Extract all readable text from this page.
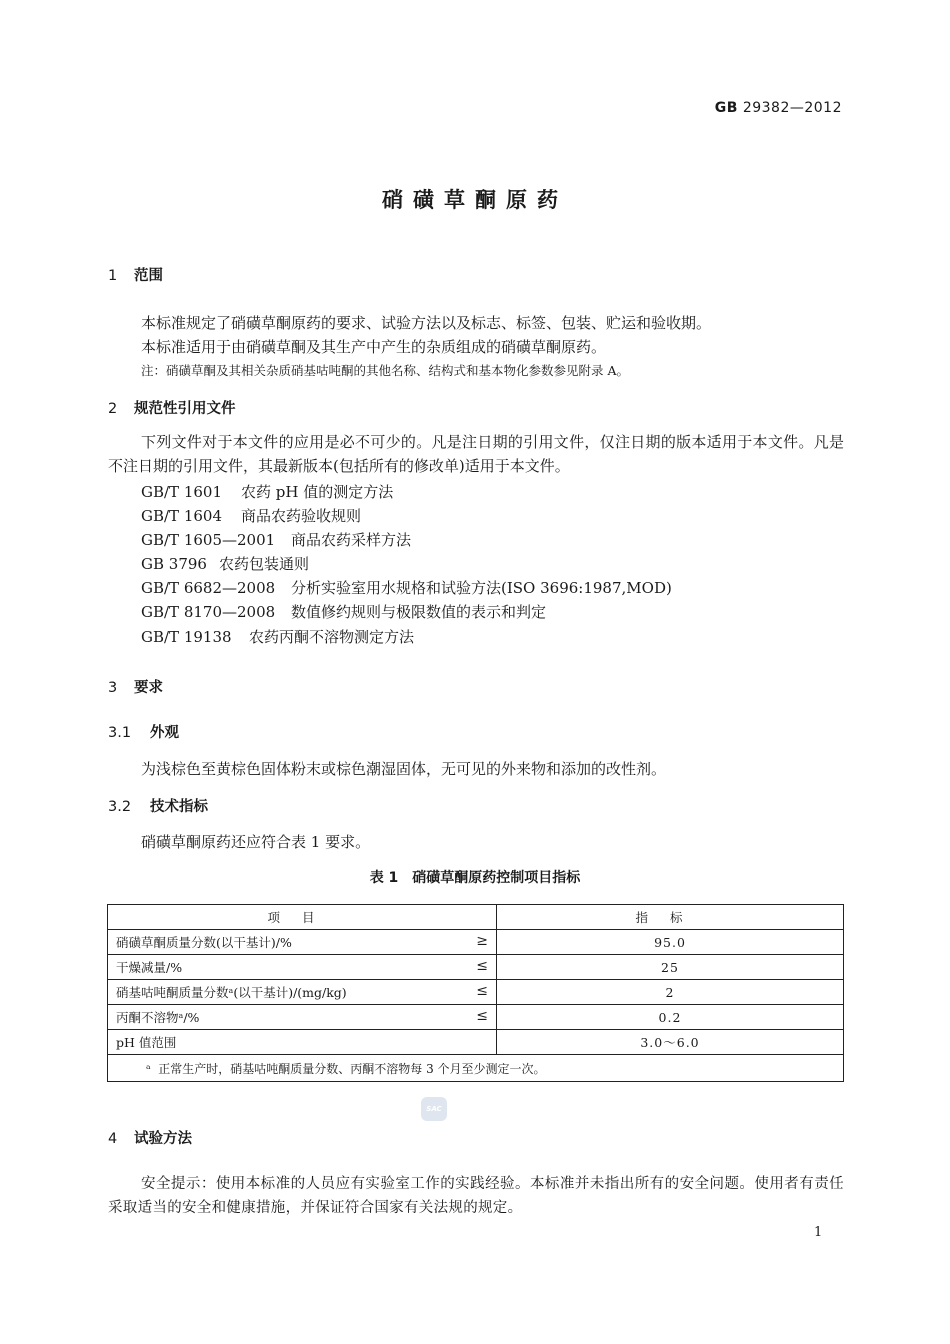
GB 29382—2012
硝磺草酮原药
1 范围
本标准规定了硝磺草酮原药的要求、试验方法以及标志、标签、包装、贮运和验收期。
本标准适用于由硝磺草酮及其生产中产生的杂质组成的硝磺草酮原药。
注：硝磺草酮及其相关杂质硝基咕吨酮的其他名称、结构式和基本物化参数参见附录 A。
2 规范性引用文件
下列文件对于本文件的应用是必不可少的。凡是注日期的引用文件，仅注日期的版本适用于本文件。凡是不注日期的引用文件，其最新版本(包括所有的修改单)适用于本文件。
GB/T 1601 农药 pH 值的测定方法
GB/T 1604 商品农药验收规则
GB/T 1605—2001 商品农药采样方法
GB 3796 农药包装通则
GB/T 6682—2008 分析实验室用水规格和试验方法(ISO 3696:1987,MOD)
GB/T 8170—2008 数值修约规则与极限数值的表示和判定
GB/T 19138 农药丙酮不溶物测定方法
3 要求
3.1 外观
为浅棕色至黄棕色固体粉末或棕色潮湿固体，无可见的外来物和添加的改性剂。
3.2 技术指标
硝磺草酮原药还应符合表 1 要求。
表 1　硝磺草酮原药控制项目指标
项目	指标
硝磺草酮质量分数(以干基计)/% ≥	95.0
干燥减量/% ≤	25
硝基咕吨酮质量分数ᵃ(以干基计)/(mg/kg) ≤	2
丙酮不溶物ᵃ/% ≤	0.2
pH 值范围	3.0～6.0
ᵃ 正常生产时，硝基咕吨酮质量分数、丙酮不溶物每 3 个月至少测定一次。	
SAC
4 试验方法
安全提示：使用本标准的人员应有实验室工作的实践经验。本标准并未指出所有的安全问题。使用者有责任采取适当的安全和健康措施，并保证符合国家有关法规的规定。
1
